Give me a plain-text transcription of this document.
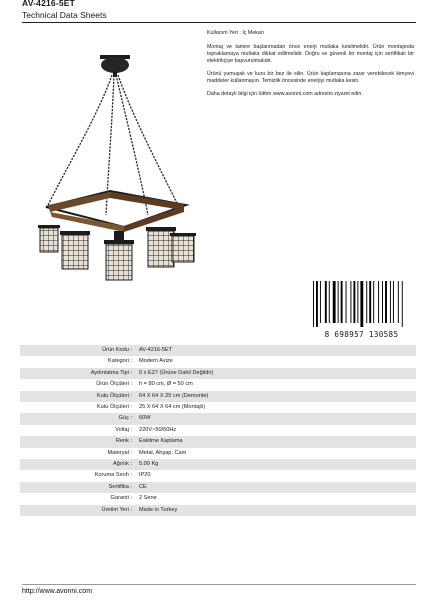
AV-4216-5ET
Technical Data Sheets

Kullanım Yeri : İç Mekan

Montaj ve tamire başlanmadan önce enerji mutlaka kesilmelidir. Ürün montajında topraklamaya mutlaka dikkat edilmelidir. Doğru ve güvenli bir montaj için sertifikalı bir elektrikçiye başvurulmalıdır.

Ürünü yumuşak ve kuru bir bez ile silin. Ürün kaplamasına zarar verebilecek kimyevi maddeler kullanmayın. Temizlik öncesinde enerjiyi mutlaka kesin.

Daha detaylı bilgi için lütfen www.avonni.com adresini ziyaret edin.

8 698957 130585
Ürün Kodu :	AV-4216-5ET
Kategori :	Modern Avize
Aydınlatma Tipi :	5 x E27 (Ürüne Dahil Değildir)
Ürün Ölçüleri :	h = 80 cm, Ø = 50 cm
Kutu Ölçüleri :	64 X 64 X 25 cm (Demonte)
Kutu Ölçüleri :	25 X 64 X 64 cm (Montajlı)
Güç :	60W
Voltaj :	220V~50/60Hz
Renk :	Eskitme Kaplama
Materyal :	Metal, Ahşap, Cam
Ağırlık :	5.00 Kg
Koruma Sınıfı :	IP20
Sertifika :	CE
Garanti :	2 Sene
Üretim Yeri :	Made in Turkey
http://www.avonni.com
